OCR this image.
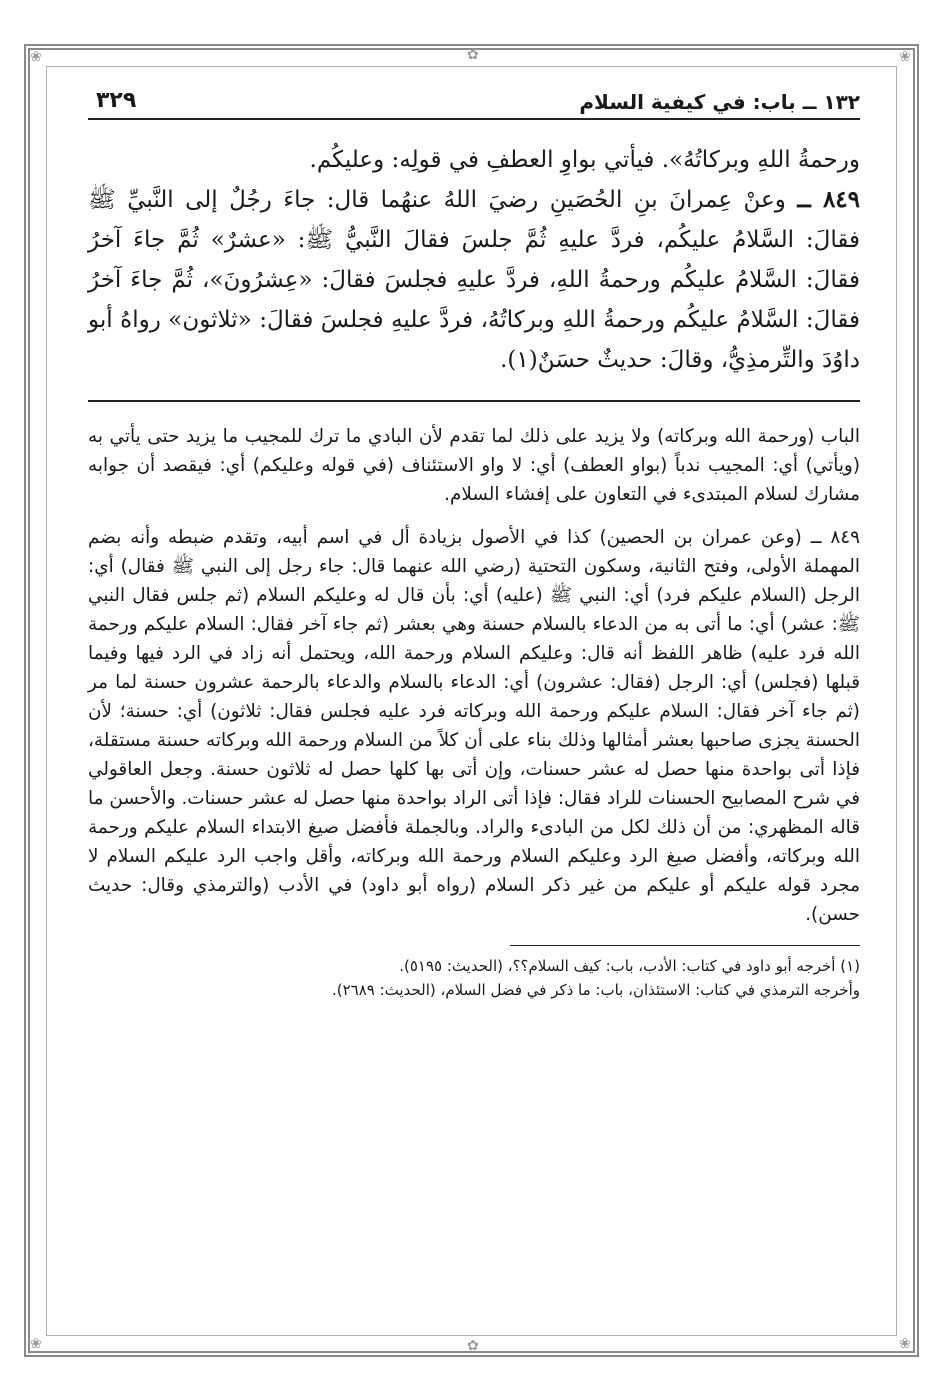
❀	❀
❀	❀
✿
✿
١٣٢ ــ باب: في كيفية السلام
٣٢٩

ورحمةُ اللهِ وبركاتُهُ». فيأتي بواوِ العطفِ في قولِه: وعليكُم.

٨٤٩ ــ وعنْ عِمرانَ بنِ الحُصَينِ رضيَ اللهُ عنهُما قال: جاءَ رجُلٌ إلى النَّبيِّ ﷺ فقالَ: السَّلامُ عليكُم، فردَّ عليهِ ثُمَّ جلسَ فقالَ النَّبيُّ ﷺ: «عشرٌ» ثُمَّ جاءَ آخرُ فقالَ: السَّلامُ عليكُم ورحمةُ اللهِ، فردَّ عليهِ فجلسَ فقالَ: «عِشرُونَ»، ثُمَّ جاءَ آخرُ فقالَ: السَّلامُ عليكُم ورحمةُ اللهِ وبركاتُهُ، فردَّ عليهِ فجلسَ فقالَ: «ثلاثون» رواهُ أبو داوُدَ والتِّرمذِيُّ، وقالَ: حديثٌ حسَنٌ(١).

الباب (ورحمة الله وبركاته) ولا يزيد على ذلك لما تقدم لأن البادي ما ترك للمجيب ما يزيد حتى يأتي به (ويأتي) أي: المجيب ندباً (بواو العطف) أي: لا واو الاستئناف (في قوله وعليكم) أي: فيقصد أن جوابه مشارك لسلام المبتدىء في التعاون على إفشاء السلام.

٨٤٩ ــ (وعن عمران بن الحصين) كذا في الأصول بزيادة أل في اسم أبيه، وتقدم ضبطه وأنه بضم المهملة الأولى، وفتح الثانية، وسكون التحتية (رضي الله عنهما قال: جاء رجل إلى النبي ﷺ فقال) أي: الرجل (السلام عليكم فرد) أي: النبي ﷺ (عليه) أي: بأن قال له وعليكم السلام (ثم جلس فقال النبي ﷺ: عشر) أي: ما أتى به من الدعاء بالسلام حسنة وهي بعشر (ثم جاء آخر فقال: السلام عليكم ورحمة الله فرد عليه) ظاهر اللفظ أنه قال: وعليكم السلام ورحمة الله، ويحتمل أنه زاد في الرد فيها وفيما قبلها (فجلس) أي: الرجل (فقال: عشرون) أي: الدعاء بالسلام والدعاء بالرحمة عشرون حسنة لما مر (ثم جاء آخر فقال: السلام عليكم ورحمة الله وبركاته فرد عليه فجلس فقال: ثلاثون) أي: حسنة؛ لأن الحسنة يجزى صاحبها بعشر أمثالها وذلك بناء على أن كلاً من السلام ورحمة الله وبركاته حسنة مستقلة، فإذا أتى بواحدة منها حصل له عشر حسنات، وإن أتى بها كلها حصل له ثلاثون حسنة. وجعل العاقولي في شرح المصابيح الحسنات للراد فقال: فإذا أتى الراد بواحدة منها حصل له عشر حسنات. والأحسن ما قاله المظهري: من أن ذلك لكل من البادىء والراد. وبالجملة فأفضل صيغ الابتداء السلام عليكم ورحمة الله وبركاته، وأفضل صيغ الرد وعليكم السلام ورحمة الله وبركاته، وأقل واجب الرد عليكم السلام لا مجرد قوله عليكم أو عليكم من غير ذكر السلام (رواه أبو داود) في الأدب (والترمذي وقال: حديث حسن).

(١) أخرجه أبو داود في كتاب: الأدب، باب: كيف السلام؟؟، (الحديث: ٥١٩٥).

وأخرجه الترمذي في كتاب: الاستئذان، باب: ما ذكر في فضل السلام، (الحديث: ٢٦٨٩).
